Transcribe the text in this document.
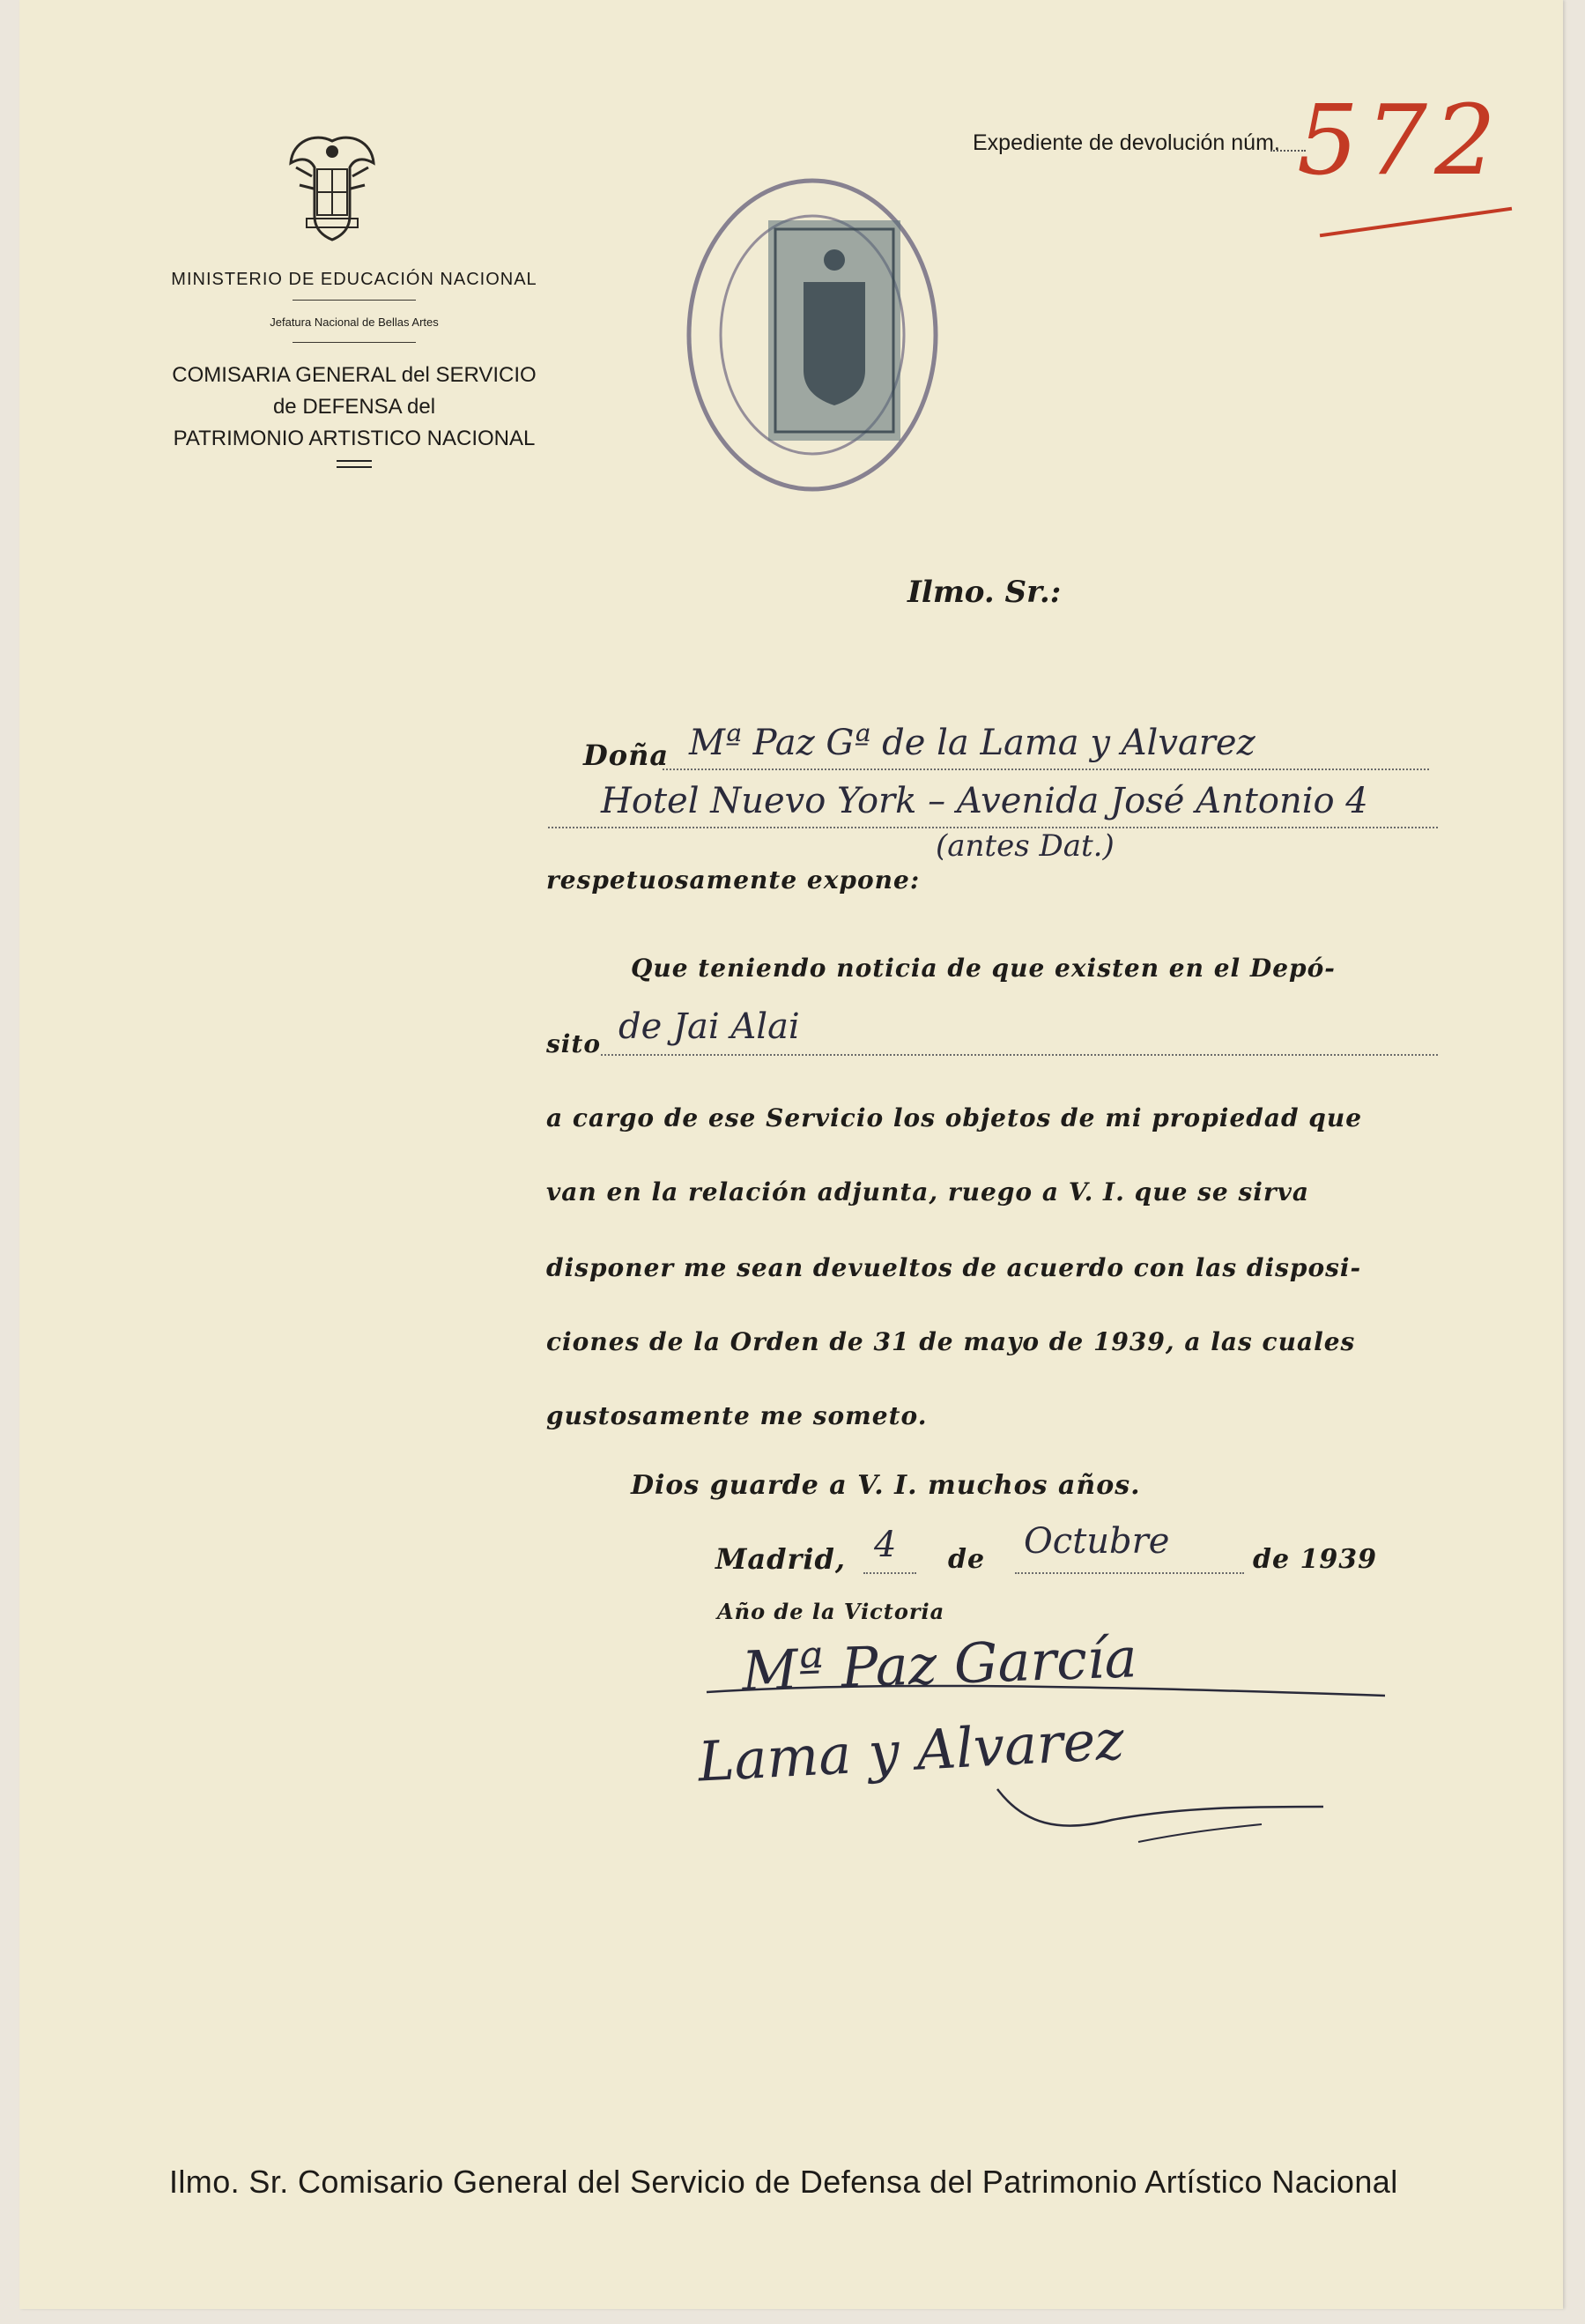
MINISTERIO DE EDUCACIÓN NACIONAL
Jefatura Nacional de Bellas Artes
COMISARIA GENERAL del SERVICIO
de DEFENSA del
PATRIMONIO ARTISTICO NACIONAL
Expediente de devolución núm. 572
Ilmo. Sr.:
Doña Mª Paz Gª de la Lama y Alvarez
Hotel Nuevo York – Avenida José Antonio 4
(antes Dat.)
respetuosamente expone:
Que teniendo noticia de que existen en el Depó-
sito de Jai Alai
a cargo de ese Servicio los objetos de mi propiedad que
van en la relación adjunta, ruego a V. I. que se sirva
disponer me sean devueltos de acuerdo con las disposi-
ciones de la Orden de 31 de mayo de 1939, a las cuales
gustosamente me someto.
Dios guarde a V. I. muchos años.
Madrid, 4 de Octubre	de 1939
Año de la Victoria
Mª Paz García
Lama y Alvarez
Ilmo. Sr. Comisario General del Servicio de Defensa del Patrimonio Artístico Nacional
